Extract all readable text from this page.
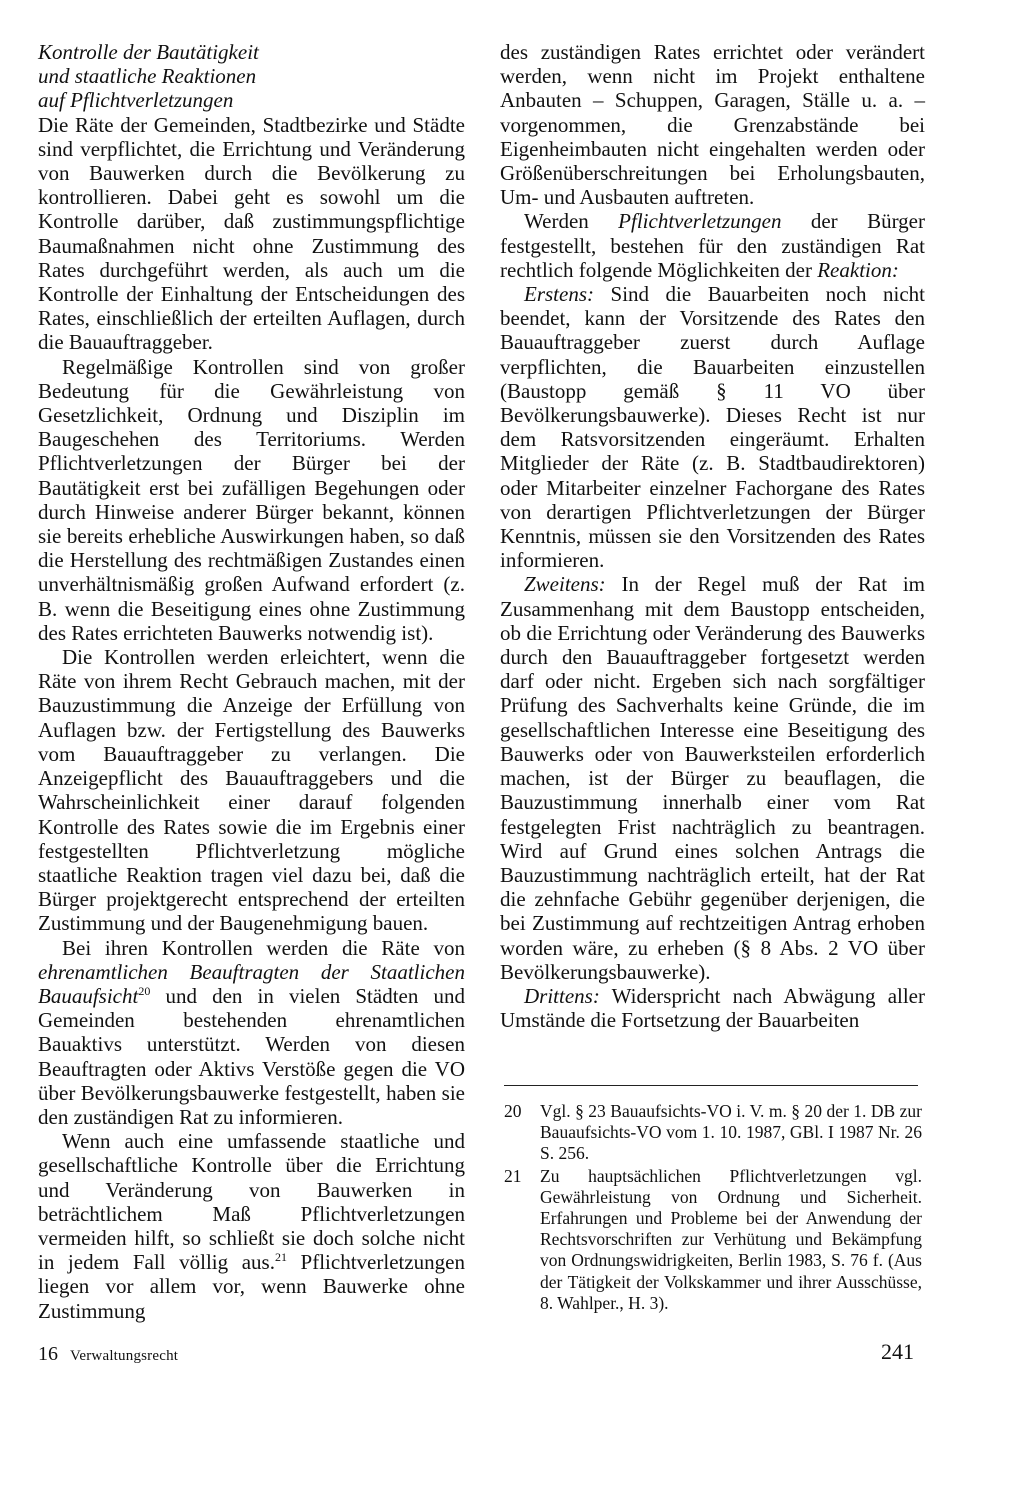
Kontrolle der Bautätigkeit
und staatliche Reaktionen
auf Pflichtverletzungen

Die Räte der Gemeinden, Stadtbezirke und Städte sind verpflichtet, die Errichtung und Veränderung von Bauwerken durch die Bevölkerung zu kontrollieren. Dabei geht es sowohl um die Kontrolle darüber, daß zustimmungspflichtige Baumaßnahmen nicht ohne Zustimmung des Rates durchgeführt werden, als auch um die Kontrolle der Einhaltung der Entscheidungen des Rates, einschließlich der erteilten Auflagen, durch die Bauauftraggeber.

Regelmäßige Kontrollen sind von großer Bedeutung für die Gewährleistung von Gesetzlichkeit, Ordnung und Disziplin im Baugeschehen des Territoriums. Werden Pflichtverletzungen der Bürger bei der Bautätigkeit erst bei zufälligen Begehungen oder durch Hinweise anderer Bürger bekannt, können sie bereits erhebliche Auswirkungen haben, so daß die Herstellung des rechtmäßigen Zustandes einen unverhältnismäßig großen Aufwand erfordert (z. B. wenn die Beseitigung eines ohne Zustimmung des Rates errichteten Bauwerks notwendig ist).

Die Kontrollen werden erleichtert, wenn die Räte von ihrem Recht Gebrauch machen, mit der Bauzustimmung die Anzeige der Erfüllung von Auflagen bzw. der Fertigstellung des Bauwerks vom Bauauftraggeber zu verlangen. Die Anzeigepflicht des Bauauftraggebers und die Wahrscheinlichkeit einer darauf folgenden Kontrolle des Rates sowie die im Ergebnis einer festgestellten Pflichtverletzung mögliche staatliche Reaktion tragen viel dazu bei, daß die Bürger projektgerecht entsprechend der erteilten Zustimmung und der Baugenehmigung bauen.

Bei ihren Kontrollen werden die Räte von ehrenamtlichen Beauftragten der Staatlichen Bauaufsicht$^{20}$ und den in vielen Städten und Gemeinden bestehenden ehrenamtlichen Bauaktivs unterstützt. Werden von diesen Beauftragten oder Aktivs Verstöße gegen die VO über Bevölkerungsbauwerke festgestellt, haben sie den zuständigen Rat zu informieren.

Wenn auch eine umfassende staatliche und gesellschaftliche Kontrolle über die Errichtung und Veränderung von Bauwerken in beträchtlichem Maß Pflichtverletzungen vermeiden hilft, so schließt sie doch solche nicht in jedem Fall völlig aus.$^{21}$ Pflichtverletzungen liegen vor allem vor, wenn Bauwerke ohne Zustimmung

des zuständigen Rates errichtet oder verändert werden, wenn nicht im Projekt enthaltene Anbauten – Schuppen, Garagen, Ställe u. a. – vorgenommen, die Grenzabstände bei Eigenheimbauten nicht eingehalten werden oder Größenüberschreitungen bei Erholungsbauten, Um- und Ausbauten auftreten.

Werden Pflichtverletzungen der Bürger festgestellt, bestehen für den zuständigen Rat rechtlich folgende Möglichkeiten der Reaktion:

Erstens: Sind die Bauarbeiten noch nicht beendet, kann der Vorsitzende des Rates den Bauauftraggeber zuerst durch Auflage verpflichten, die Bauarbeiten einzustellen (Baustopp gemäß § 11 VO über Bevölkerungsbauwerke). Dieses Recht ist nur dem Ratsvorsitzenden eingeräumt. Erhalten Mitglieder der Räte (z. B. Stadtbaudirektoren) oder Mitarbeiter einzelner Fachorgane des Rates von derartigen Pflichtverletzungen der Bürger Kenntnis, müssen sie den Vorsitzenden des Rates informieren.

Zweitens: In der Regel muß der Rat im Zusammenhang mit dem Baustopp entscheiden, ob die Errichtung oder Veränderung des Bauwerks durch den Bauauftraggeber fortgesetzt werden darf oder nicht. Ergeben sich nach sorgfältiger Prüfung des Sachverhalts keine Gründe, die im gesellschaftlichen Interesse eine Beseitigung des Bauwerks oder von Bauwerksteilen erforderlich machen, ist der Bürger zu beauflagen, die Bauzustimmung innerhalb einer vom Rat festgelegten Frist nachträglich zu beantragen. Wird auf Grund eines solchen Antrags die Bauzustimmung nachträglich erteilt, hat der Rat die zehnfache Gebühr gegenüber derjenigen, die bei Zustimmung auf rechtzeitigen Antrag erhoben worden wäre, zu erheben (§ 8 Abs. 2 VO über Bevölkerungsbauwerke).

Drittens: Widerspricht nach Abwägung aller Umstände die Fortsetzung der Bauarbeiten

20	Vgl. § 23 Bauaufsichts-VO i. V. m. § 20 der 1. DB zur Bauaufsichts-VO vom 1. 10. 1987, GBl. I 1987 Nr. 26 S. 256.
21	Zu hauptsächlichen Pflichtverletzungen vgl. Gewährleistung von Ordnung und Sicherheit. Erfahrungen und Probleme bei der Anwendung der Rechtsvorschriften zur Verhütung und Bekämpfung von Ordnungswidrigkeiten, Berlin 1983, S. 76 f. (Aus der Tätigkeit der Volkskammer und ihrer Ausschüsse, 8. Wahlper., H. 3).
16 Verwaltungsrecht	241
